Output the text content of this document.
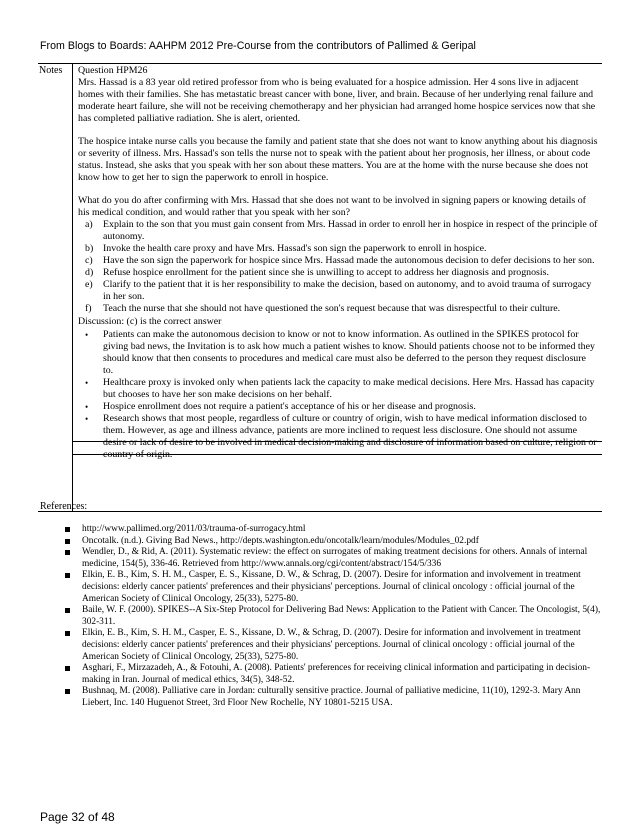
From Blogs to Boards: AAHPM 2012 Pre-Course from the contributors of Pallimed & Geripal
Notes Question HPM26

Mrs. Hassad is a 83 year old retired professor from who is being evaluated for a hospice admission. Her 4 sons live in adjacent homes with their families. She has metastatic breast cancer with bone, liver, and brain. Because of her underlying renal failure and moderate heart failure, she will not be receiving chemotherapy and her physician had arranged home hospice services now that she has completed palliative radiation. She is alert, oriented.

The hospice intake nurse calls you because the family and patient state that she does not want to know anything about his diagnosis or severity of illness. Mrs. Hassad's son tells the nurse not to speak with the patient about her prognosis, her illness, or about code status. Instead, she asks that you speak with her son about these matters. You are at the home with the nurse because she does not know how to get her to sign the paperwork to enroll in hospice.

What do you do after confirming with Mrs. Hassad that she does not want to be involved in signing papers or knowing details of his medical condition, and would rather that you speak with her son?

a) Explain to the son that you must gain consent from Mrs. Hassad in order to enroll her in hospice in respect of the principle of autonomy.

b) Invoke the health care proxy and have Mrs. Hassad's son sign the paperwork to enroll in hospice.

c) Have the son sign the paperwork for hospice since Mrs. Hassad made the autonomous decision to defer decisions to her son.

d) Refuse hospice enrollment for the patient since she is unwilling to accept to address her diagnosis and prognosis.

e) Clarify to the patient that it is her responsibility to make the decision, based on autonomy, and to avoid trauma of surrogacy in her son.

f) Teach the nurse that she should not have questioned the son's request because that was disrespectful to their culture.

Discussion: (c) is the correct answer

• Patients can make the autonomous decision to know or not to know information. As outlined in the SPIKES protocol for giving bad news, the Invitation is to ask how much a patient wishes to know. Should patients choose not to be informed they should know that then consents to procedures and medical care must also be deferred to the person they request disclosure to.

• Healthcare proxy is invoked only when patients lack the capacity to make medical decisions. Here Mrs. Hassad has capacity but chooses to have her son make decisions on her behalf.

• Hospice enrollment does not require a patient's acceptance of his or her disease and prognosis.

• Research shows that most people, regardless of culture or country of origin, wish to have medical information disclosed to them. However, as age and illness advance, patients are more inclined to request less disclosure. One should not assume desire or lack of desire to be involved in medical decision-making and disclosure of information based on culture, religion or country of origin.

References:

http://www.pallimed.org/2011/03/trauma-of-surrogacy.html

Oncotalk. (n.d.). Giving Bad News., http://depts.washington.edu/oncotalk/learn/modules/Modules_02.pdf

Wendler, D., & Rid, A. (2011). Systematic review: the effect on surrogates of making treatment decisions for others. Annals of internal medicine, 154(5), 336-46. Retrieved from http://www.annals.org/cgi/content/abstract/154/5/336

Elkin, E. B., Kim, S. H. M., Casper, E. S., Kissane, D. W., & Schrag, D. (2007). Desire for information and involvement in treatment decisions: elderly cancer patients' preferences and their physicians' perceptions. Journal of clinical oncology : official journal of the American Society of Clinical Oncology, 25(33), 5275-80.

Baile, W. F. (2000). SPIKES--A Six-Step Protocol for Delivering Bad News: Application to the Patient with Cancer. The Oncologist, 5(4), 302-311.

Elkin, E. B., Kim, S. H. M., Casper, E. S., Kissane, D. W., & Schrag, D. (2007). Desire for information and involvement in treatment decisions: elderly cancer patients' preferences and their physicians' perceptions. Journal of clinical oncology : official journal of the American Society of Clinical Oncology, 25(33), 5275-80.

Asghari, F., Mirzazadeh, A., & Fotouhi, A. (2008). Patients' preferences for receiving clinical information and participating in decision-making in Iran. Journal of medical ethics, 34(5), 348-52.

Bushnaq, M. (2008). Palliative care in Jordan: culturally sensitive practice. Journal of palliative medicine, 11(10), 1292-3. Mary Ann Liebert, Inc. 140 Huguenot Street, 3rd Floor New Rochelle, NY 10801-5215 USA.

Page 32 of 48
